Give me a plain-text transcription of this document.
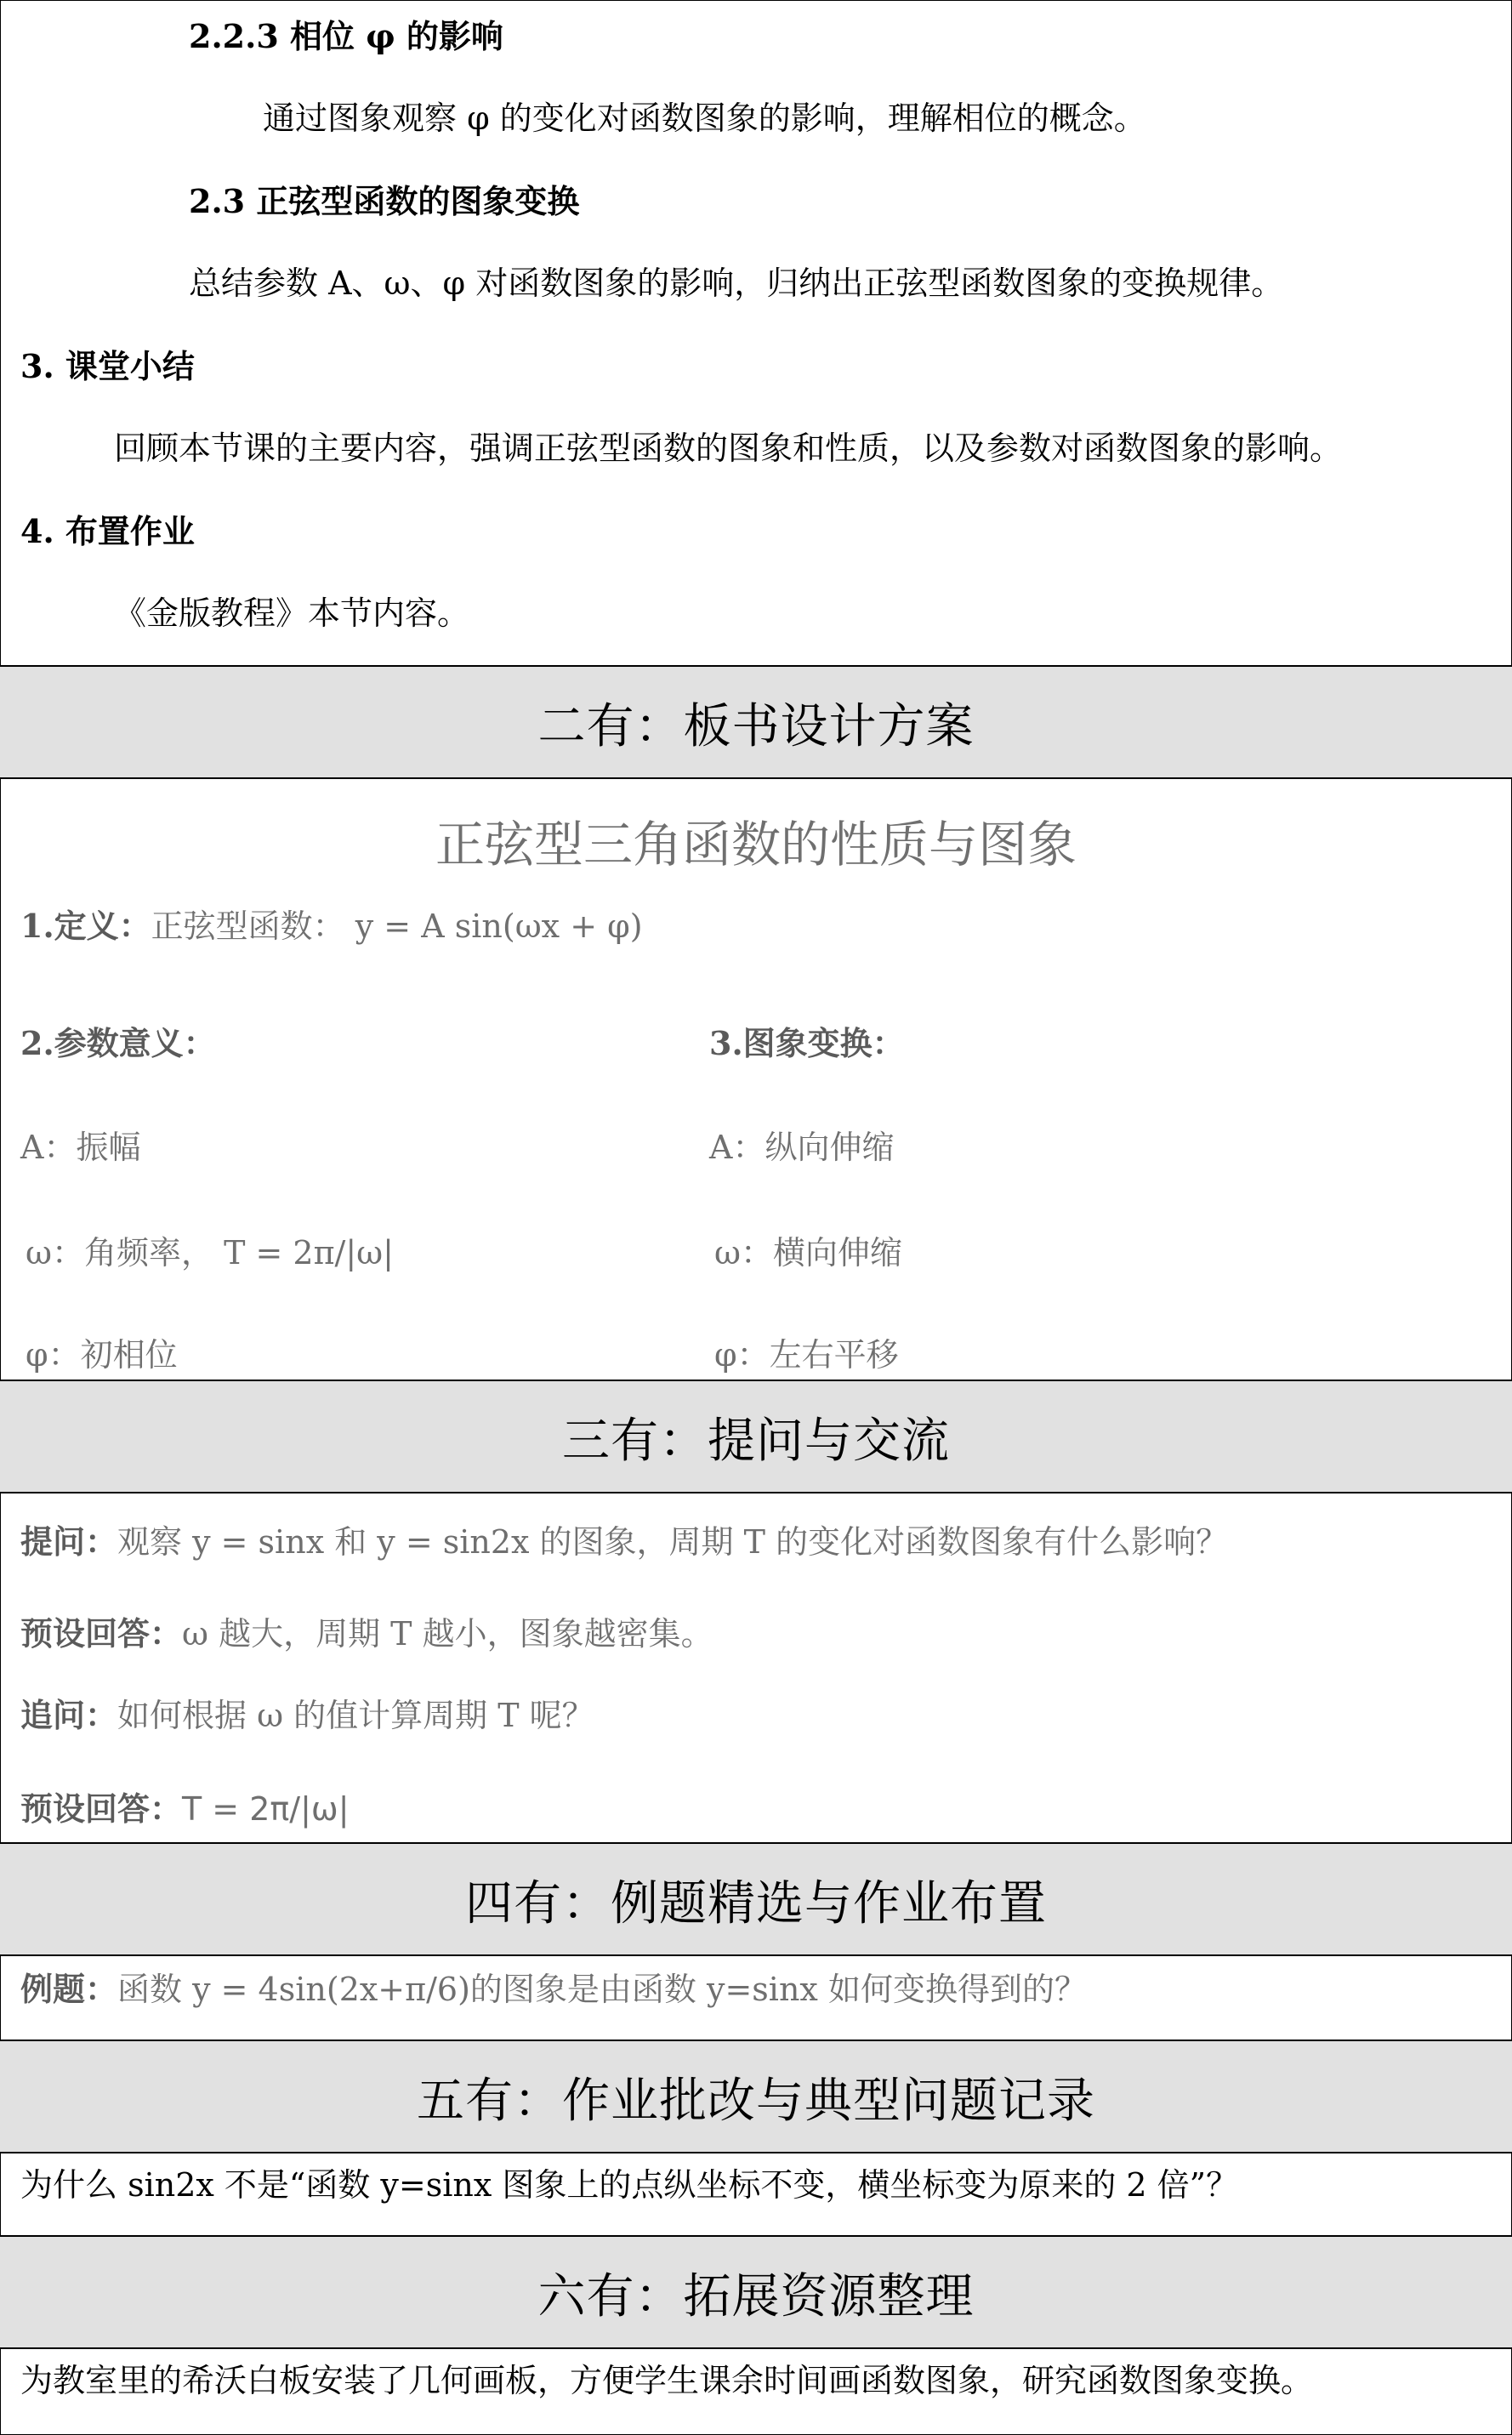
2.2.3 相位 φ 的影响
通过图象观察 φ 的变化对函数图象的影响，理解相位的概念。
2.3 正弦型函数的图象变换
总结参数 A、ω、φ 对函数图象的影响，归纳出正弦型函数图象的变换规律。
3. 课堂小结
回顾本节课的主要内容，强调正弦型函数的图象和性质，以及参数对函数图象的影响。
4. 布置作业
《金版教程》本节内容。
二有：板书设计方案
正弦型三角函数的性质与图象
1.定义：正弦型函数： y = A sin(ωx + φ)
2.参数意义：	3.图象变换：
A：振幅	A：纵向伸缩
ω：角频率， T = 2π/|ω|	ω：横向伸缩
φ：初相位	φ：左右平移
三有：提问与交流
提问：观察 y = sinx 和 y = sin2x 的图象，周期 T 的变化对函数图象有什么影响？
预设回答：ω 越大，周期 T 越小，图象越密集。
追问：如何根据 ω 的值计算周期 T 呢？
预设回答：T = 2π/|ω|
四有：例题精选与作业布置
例题：函数 y = 4sin(2x+π/6)的图象是由函数 y=sinx 如何变换得到的？
五有：作业批改与典型问题记录
为什么 sin2x 不是“函数 y=sinx 图象上的点纵坐标不变，横坐标变为原来的 2 倍”？
六有：拓展资源整理
为教室里的希沃白板安装了几何画板，方便学生课余时间画函数图象，研究函数图象变换。
